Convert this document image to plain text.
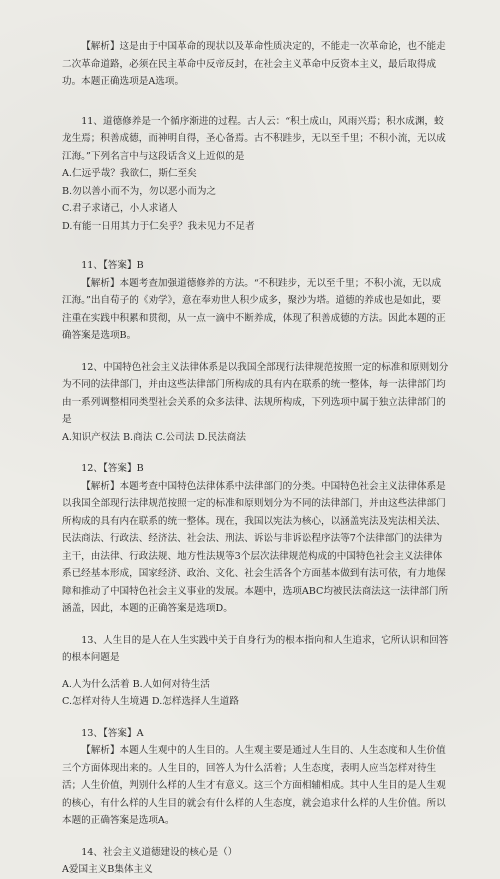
【解析】这是由于中国革命的现状以及革命性质决定的，不能走一次革命论，也不能走二次革命道路，必须在民主革命中反帝反封，在社会主义革命中反资本主义，最后取得成功。本题正确选项是A选项。

11、道德修养是一个循序渐进的过程。古人云：“积土成山，风雨兴焉；积水成渊，蛟龙生焉；积善成德，而神明自得，圣心备焉。古不积跬步，无以至千里；不积小流，无以成江海。”下列名言中与这段话含义上近似的是

A.仁远乎哉？我欲仁，斯仁至矣

B.勿以善小而不为，勿以恶小而为之

C.君子求诸己，小人求诸人

D.有能一日用其力于仁矣乎？我未见力不足者

11、【答案】B

【解析】本题考查加强道德修养的方法。“不积跬步，无以至千里；不积小流，无以成江海。”出自荀子的《劝学》，意在奉劝世人积少成多，聚沙为塔。道德的养成也是如此，要注重在实践中积累和贯彻，从一点一滴中不断养成，体现了积善成德的方法。因此本题的正确答案是选项B。

12、中国特色社会主义法律体系是以我国全部现行法律规范按照一定的标准和原则划分为不同的法律部门，并由这些法律部门所构成的具有内在联系的统一整体，每一法律部门均由一系列调整相同类型社会关系的众多法律、法规所构成，下列选项中属于独立法律部门的是

A.知识产权法 B.商法 C.公司法 D.民法商法

12、【答案】B

【解析】本题考查中国特色法律体系中法律部门的分类。中国特色社会主义法律体系是以我国全部现行法律规范按照一定的标准和原则划分为不同的法律部门，并由这些法律部门所构成的具有内在联系的统一整体。现在，我国以宪法为核心，以涵盖宪法及宪法相关法、民法商法、行政法、经济法、社会法、刑法、诉讼与非诉讼程序法等7个法律部门的法律为主干，由法律、行政法规、地方性法规等3个层次法律规范构成的中国特色社会主义法律体系已经基本形成，国家经济、政治、文化、社会生活各个方面基本做到有法可依，有力地保障和推动了中国特色社会主义事业的发展。本题中，选项ABC均被民法商法这一法律部门所涵盖，因此，本题的正确答案是选项D。

13、人生目的是人在人生实践中关于自身行为的根本指向和人生追求，它所认识和回答的根本问题是

A.人为什么活着 B.人如何对待生活

C.怎样对待人生境遇 D.怎样选择人生道路

13、【答案】A

【解析】本题人生观中的人生目的。人生观主要是通过人生目的、人生态度和人生价值三个方面体现出来的。人生目的，回答人为什么活着；人生态度，表明人应当怎样对待生活；人生价值，判别什么样的人生才有意义。这三个方面相辅相成。其中人生目的是人生观的核心，有什么样的人生目的就会有什么样的人生态度，就会追求什么样的人生价值。所以本题的正确答案是选项A。

14、社会主义道德建设的核心是（）

A爱国主义B集体主义
